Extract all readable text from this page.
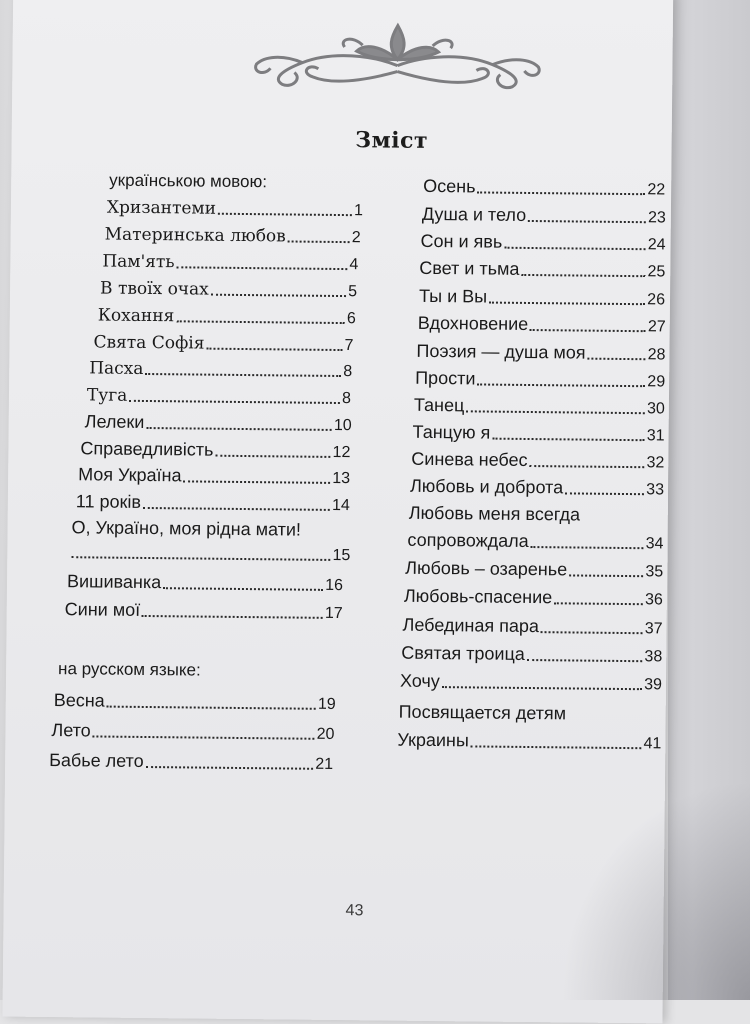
Зміст
українською мовою:
Хризантеми	1
Материнська любов	2
Пам'ять	4
В твоїх очах	5
Кохання	6
Свята Софія	7
Пасха	8
Туга	8
Лелеки	10
Справедливість	12
Моя Україна	13
11 років	14
О, Україно, моя рідна мати!
15
Вишиванка	16
Сини мої	17
на русском языке:
Весна	19
Лето	20
Бабье лето	21
Осень	22
Душа и тело	23
Сон и явь	24
Свет и тьма	25
Ты и Вы	26
Вдохновение	27
Поэзия — душа моя	28
Прости	29
Танец	30
Танцую я	31
Синева небес	32
Любовь и доброта	33
Любовь меня всегда
сопровождала	34
Любовь – озаренье	35
Любовь-спасение	36
Лебединая пара	37
Святая троица	38
Хочу	39
Посвящается детям
Украины	41
43
